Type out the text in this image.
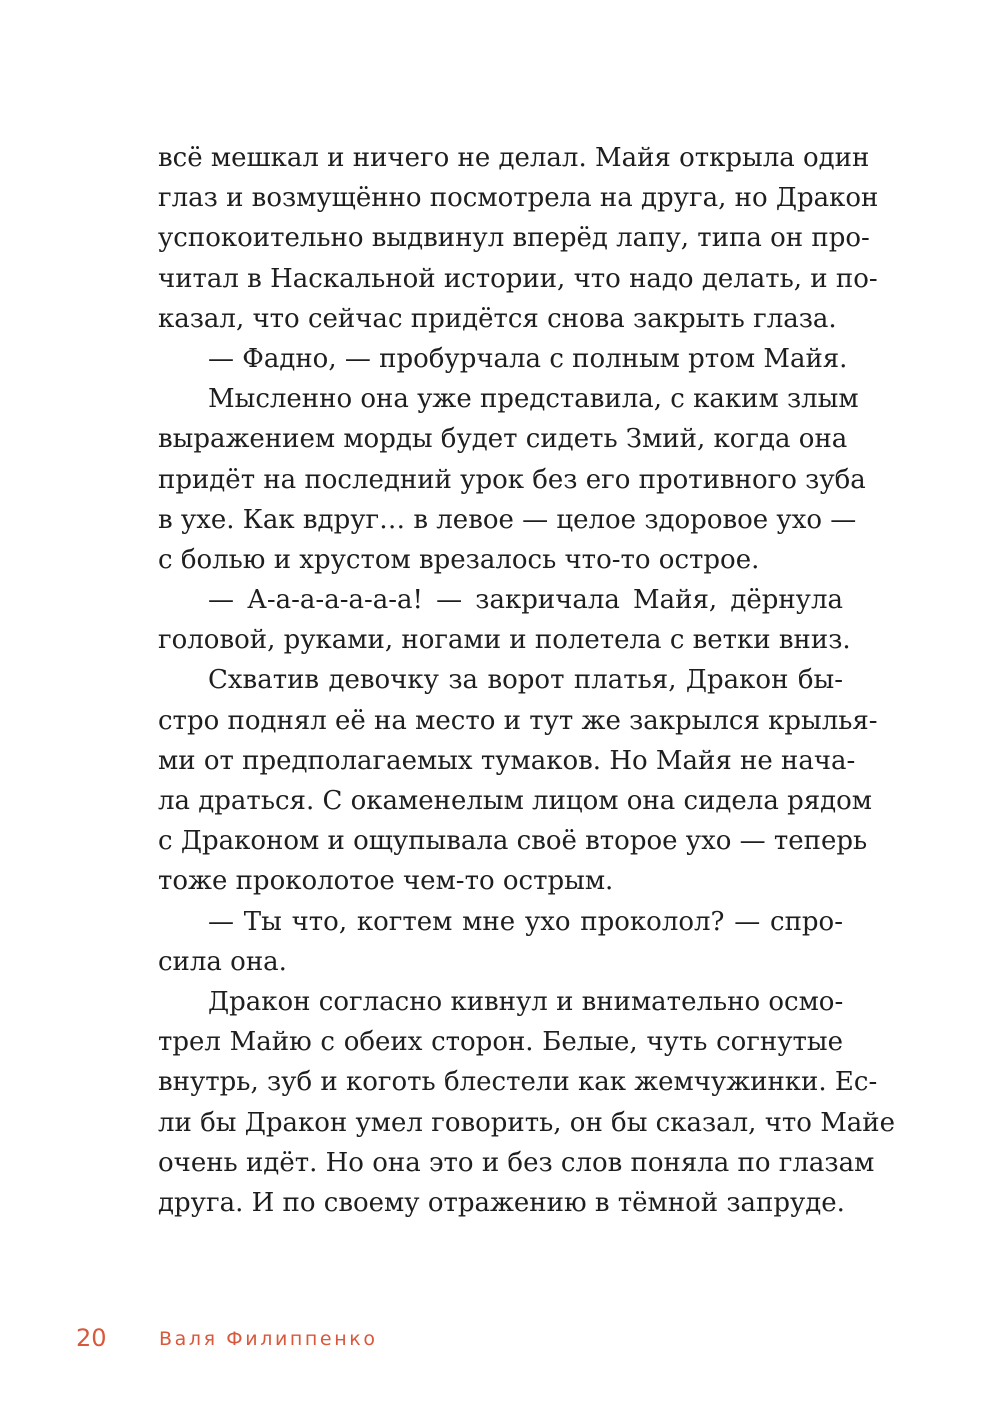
всё мешкал и ничего не делал. Майя открыла один
глаз и возмущённо посмотрела на друга, но Дракон
успокоительно выдвинул вперёд лапу, типа он про-
читал в Наскальной истории, что надо делать, и по-
казал, что сейчас придётся снова закрыть глаза.
— Фадно, — пробурчала с полным ртом Майя.
Мысленно она уже представила, с каким злым
выражением морды будет сидеть Змий, когда она
придёт на последний урок без его противного зуба
в ухе. Как вдруг… в левое — целое здоровое ухо —
с болью и хрустом врезалось что-то острое.
— А-а-а-а-а-а-а! — закричала Майя, дёрнула
головой, руками, ногами и полетела с ветки вниз.
Схватив девочку за ворот платья, Дракон бы-
стро поднял её на место и тут же закрылся крылья-
ми от предполагаемых тумаков. Но Майя не нача-
ла драться. С окаменелым лицом она сидела рядом
с Драконом и ощупывала своё второе ухо — теперь
тоже проколотое чем-то острым.
— Ты что, когтем мне ухо проколол? — спро-
сила она.
Дракон согласно кивнул и внимательно осмо-
трел Майю с обеих сторон. Белые, чуть согнутые
внутрь, зуб и коготь блестели как жемчужинки. Ес-
ли бы Дракон умел говорить, он бы сказал, что Майе
очень идёт. Но она это и без слов поняла по глазам
друга. И по своему отражению в тёмной запруде.
20	Валя Филиппенко
